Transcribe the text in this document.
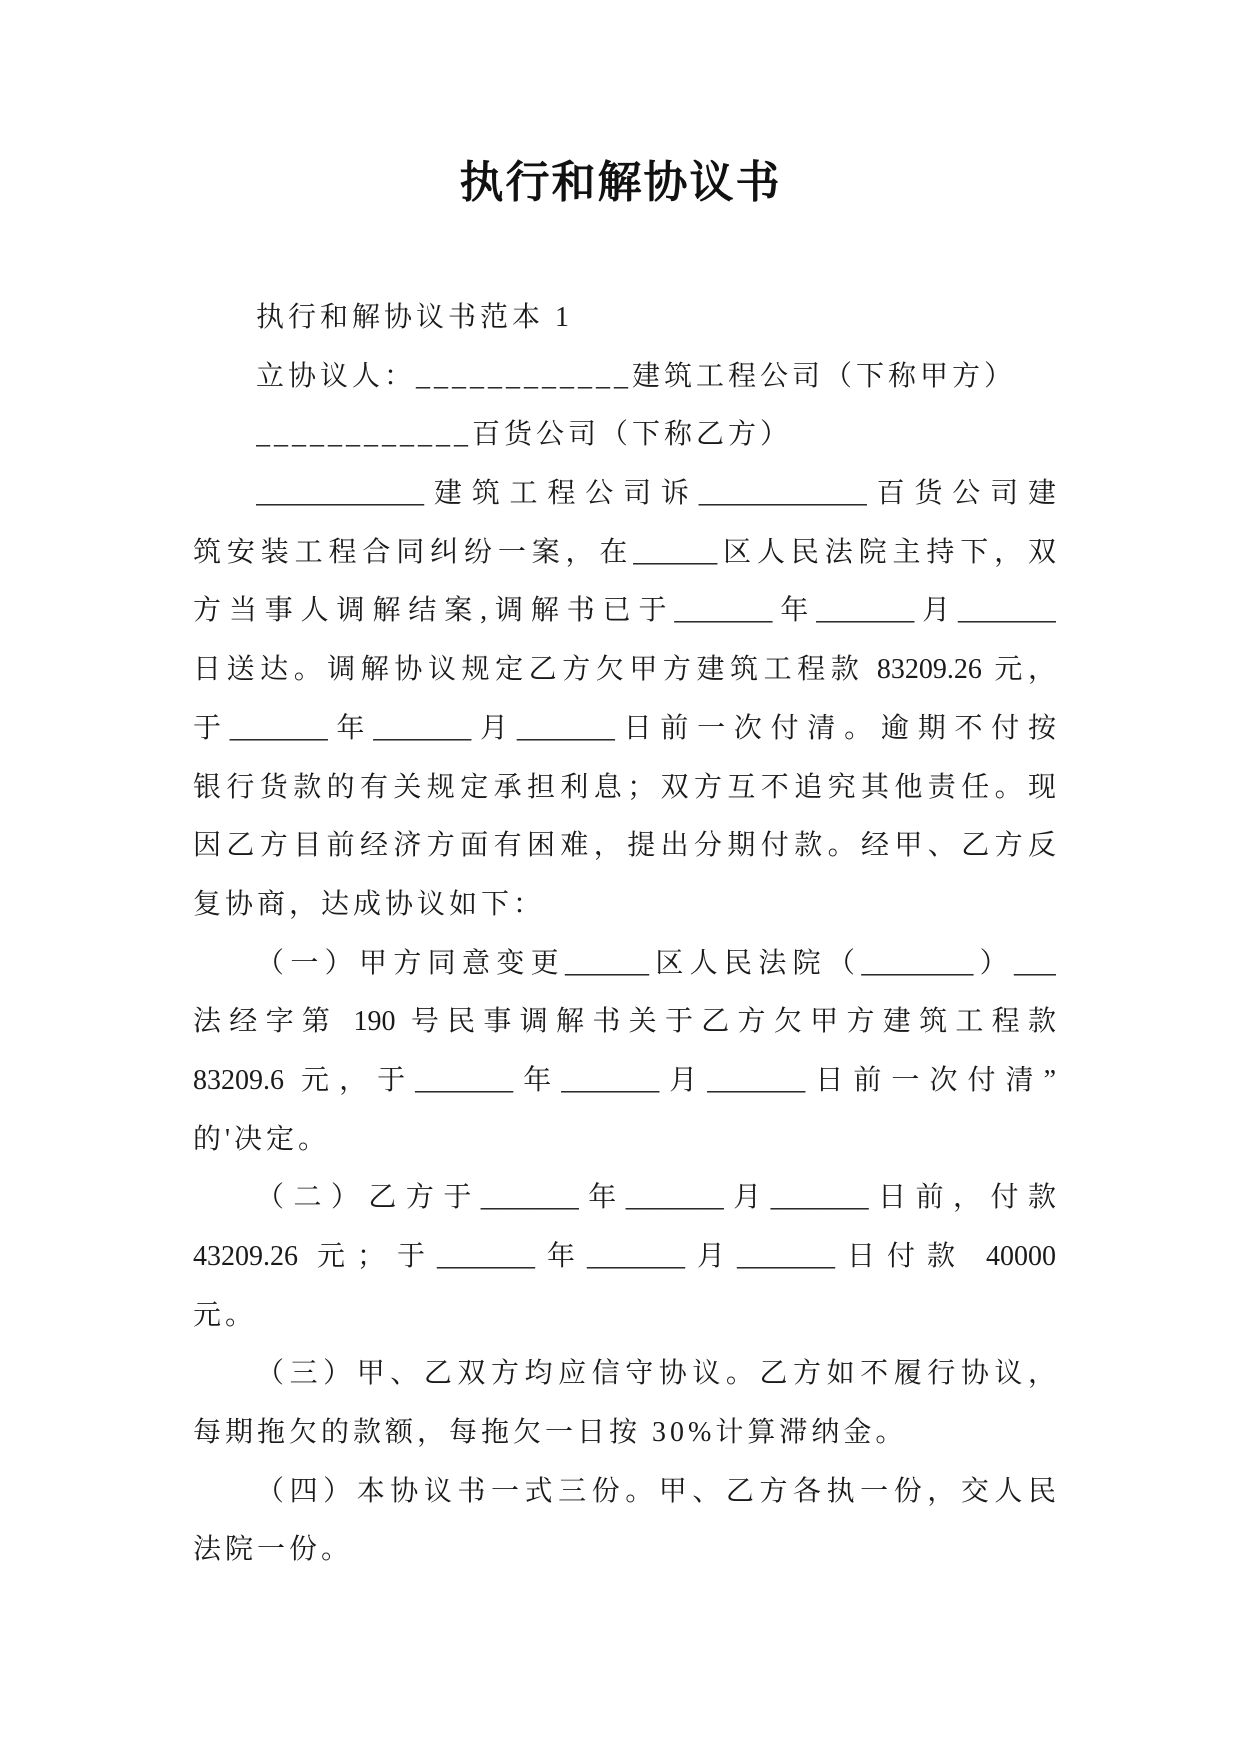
执行和解协议书
执行和解协议书范本 1
立协议人：____________建筑工程公司（下称甲方）
____________百货公司（下称乙方）
____________建筑工程公司诉____________百货公司建
筑安装工程合同纠纷一案，在______区人民法院主持下，双
方当事人调解结案,调解书已于_______年_______月_______
日送达。调解协议规定乙方欠甲方建筑工程款 83209.26 元，
于_______年_______月_______日前一次付清。逾期不付按
银行货款的有关规定承担利息；双方互不追究其他责任。现
因乙方目前经济方面有困难，提出分期付款。经甲、乙方反
复协商，达成协议如下：
（一）甲方同意变更______区人民法院（________）___
法经字第 190 号民事调解书关于乙方欠甲方建筑工程款
83209.6 元，于_______年_______月_______日前一次付清”
的'决定。
（二）乙方于_______年_______月_______日前，付款
43209.26 元；于_______年_______月_______日付款 40000
元。
（三）甲、乙双方均应信守协议。乙方如不履行协议，
每期拖欠的款额，每拖欠一日按 30%计算滞纳金。
（四）本协议书一式三份。甲、乙方各执一份，交人民
法院一份。
